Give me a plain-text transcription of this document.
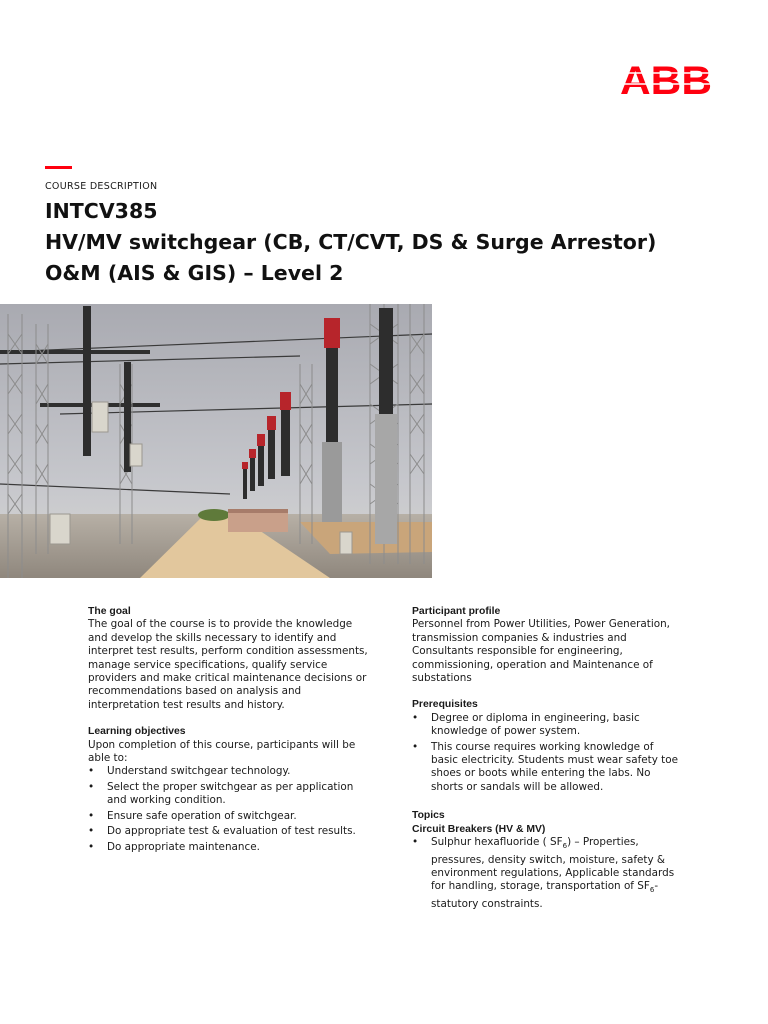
ABB
COURSE DESCRIPTION
INTCV385
HV/MV switchgear (CB, CT/CVT, DS & Surge Arrestor)
O&M (AIS & GIS) – Level 2
The goal

The goal of the course is to provide the knowledge and develop the skills necessary to identify and interpret test results, perform condition assessments, manage service specifications, qualify service providers and make critical maintenance decisions or recommendations based on analysis and interpretation test results and history.

Learning objectives

Upon completion of this course, participants will be able to:

• Understand switchgear technology.
• Select the proper switchgear as per application and working condition.
• Ensure safe operation of switchgear.
• Do appropriate test & evaluation of test results.
• Do appropriate maintenance.
Participant profile

Personnel from Power Utilities, Power Generation, transmission companies & industries and Consultants responsible for engineering, commissioning, operation and Maintenance of substations

Prerequisites
• Degree or diploma in engineering, basic knowledge of power system.
• This course requires working knowledge of basic electricity. Students must wear safety toe shoes or boots while entering the labs. No shorts or sandals will be allowed.
Topics
Circuit Breakers (HV & MV)
• Sulphur hexafluoride ( $SF_6$) – Properties, pressures, density switch, moisture, safety & environment regulations, Applicable standards for handling, storage, transportation of $SF_6-$ statutory constraints.
